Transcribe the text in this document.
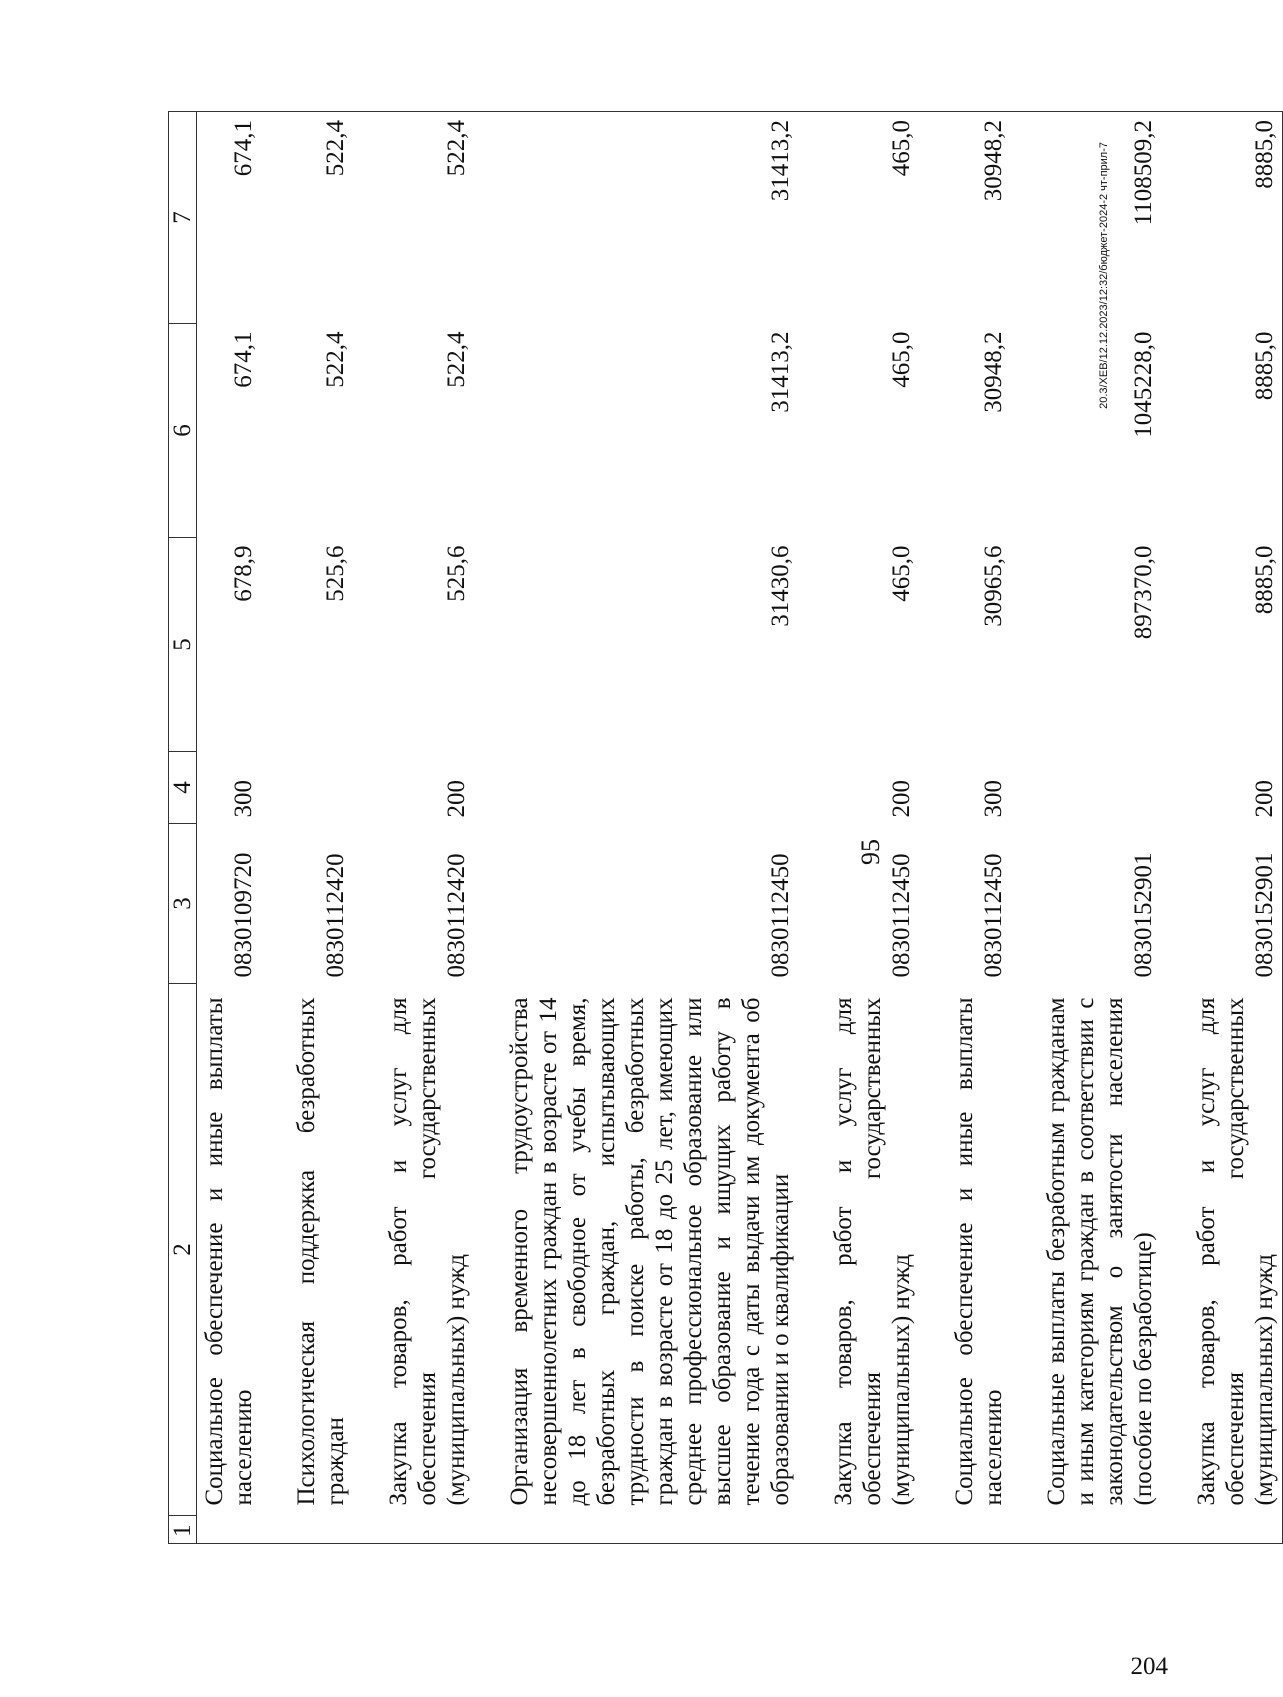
95
1	2	3	4	5	6	7
	Социальное обеспечение и иные выплаты населению	0830109720	300	678,9	674,1	674,1

	Психологическая поддержка безработных граждан	0830112420		525,6	522,4	522,4

	Закупка товаров, работ и услуг для обеспечения государственных (муниципальных) нужд	0830112420	200	525,6	522,4	522,4

	Организация временного трудоустройства несовершеннолетних граждан в возрасте от 14 до 18 лет в свободное от учебы время, безработных граждан, испытывающих трудности в поиске работы, безработных граждан в возрасте от 18 до 25 лет, имеющих среднее профессиональное образование или высшее образование и ищущих работу в течение года с даты выдачи им документа об образовании и о квалификации	0830112450		31430,6	31413,2	31413,2

	Закупка товаров, работ и услуг для обеспечения государственных (муниципальных) нужд	0830112450	200	465,0	465,0	465,0

	Социальное обеспечение и иные выплаты населению	0830112450	300	30965,6	30948,2	30948,2

	Социальные выплаты безработным гражданам и иным категориям граждан в соответствии с законодательством о занятости населения (пособие по безработице)	0830152901		897370,0	1045228,0	1108509,2

	Закупка товаров, работ и услуг для обеспечения государственных (муниципальных) нужд	0830152901	200	8885,0	8885,0	8885,0
20.3/ХЕВ/12.12.2023/12:32/бюджет-2024-2 чт-прил-7
204
